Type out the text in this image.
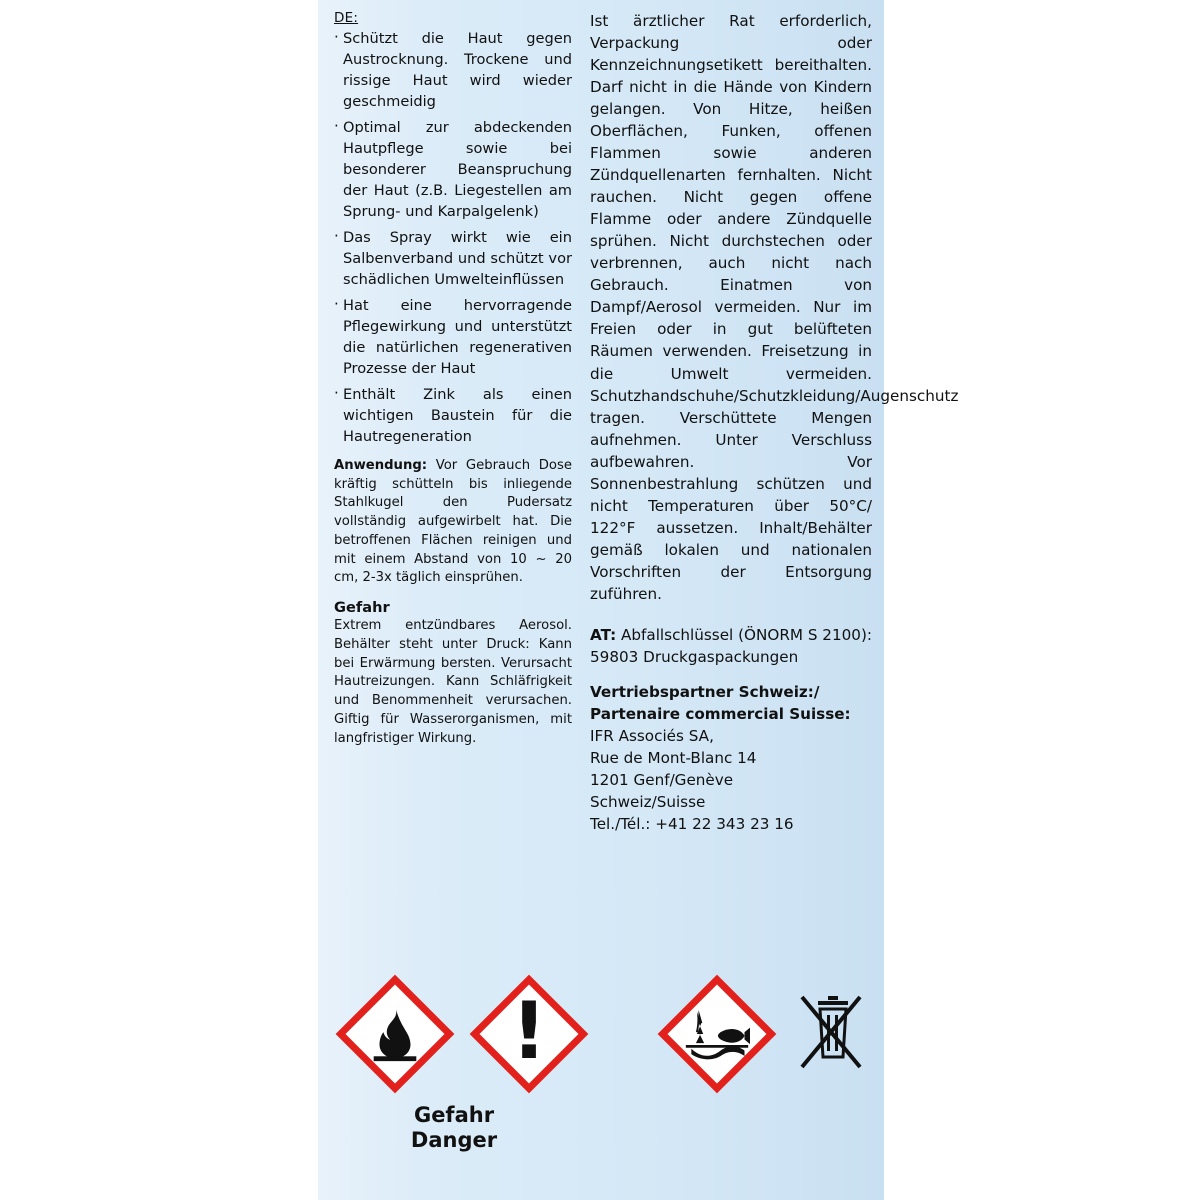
DE:
· Schützt die Haut gegen Austrocknung. Trockene und rissige Haut wird wieder geschmeidig
· Optimal zur abdeckenden Hautpflege sowie bei besonderer Beanspruchung der Haut (z.B. Liegestellen am Sprung- und Karpalgelenk)
· Das Spray wirkt wie ein Salbenverband und schützt vor schädlichen Umwelteinflüssen
· Hat eine hervorragende Pflegewirkung und unterstützt die natürlichen regenerativen Prozesse der Haut
· Enthält Zink als einen wichtigen Baustein für die Hautregeneration

Anwendung: Vor Gebrauch Dose kräftig schütteln bis inliegende Stahlkugel den Pudersatz vollständig aufgewirbelt hat. Die betroffenen Flächen reinigen und mit einem Abstand von 10 ~ 20 cm, 2-3x täglich einsprühen.

Gefahr

Extrem entzündbares Aerosol. Behälter steht unter Druck: Kann bei Erwärmung bersten. Verursacht Hautreizungen. Kann Schläfrigkeit und Benommenheit verursachen. Giftig für Wasserorganismen, mit langfristiger Wirkung.

Ist ärztlicher Rat erforderlich, Verpackung oder Kennzeichnungsetikett bereithalten. Darf nicht in die Hände von Kindern gelangen. Von Hitze, heißen Oberflächen, Funken, offenen Flammen sowie anderen Zündquellenarten fernhalten. Nicht rauchen. Nicht gegen offene Flamme oder andere Zündquelle sprühen. Nicht durchstechen oder verbrennen, auch nicht nach Gebrauch. Einatmen von Dampf/Aerosol vermeiden. Nur im Freien oder in gut belüfteten Räumen verwenden. Freisetzung in die Umwelt vermeiden. Schutzhandschuhe/Schutzkleidung/Augenschutz tragen. Verschüttete Mengen aufnehmen. Unter Verschluss aufbewahren. Vor Sonnenbestrahlung schützen und nicht Temperaturen über 50°C/ 122°F aussetzen. Inhalt/Behälter gemäß lokalen und nationalen Vorschriften der Entsorgung zuführen.

AT: Abfallschlüssel (ÖNORM S 2100): 59803 Druckgaspackungen

Vertriebspartner Schweiz:/

Partenaire commercial Suisse:

IFR Associés SA,

Rue de Mont-Blanc 14

1201 Genf/Genève

Schweiz/Suisse

Tel./Tél.: +41 22 343 23 16

!
Gefahr
Danger
